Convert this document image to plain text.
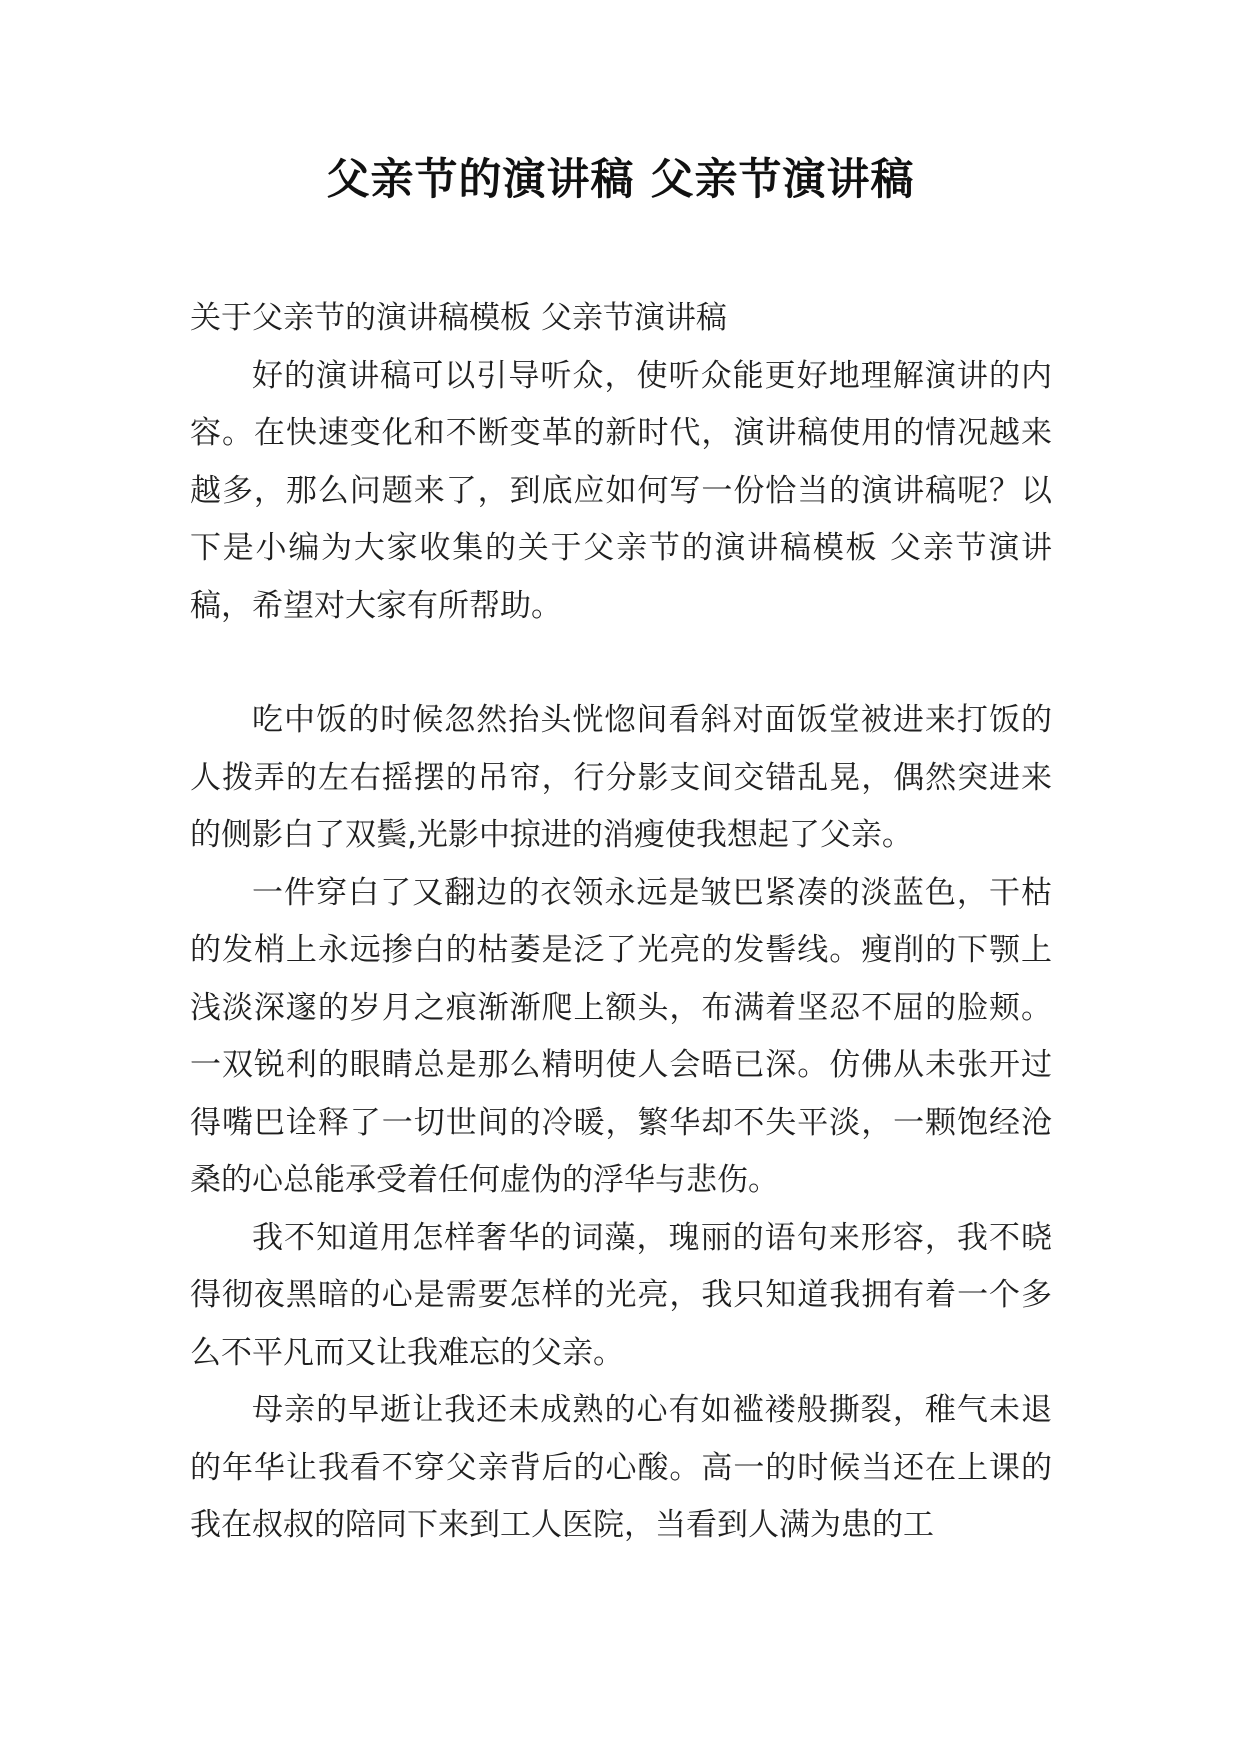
父亲节的演讲稿 父亲节演讲稿

关于父亲节的演讲稿模板 父亲节演讲稿

好的演讲稿可以引导听众，使听众能更好地理解演讲的内容。在快速变化和不断变革的新时代，演讲稿使用的情况越来越多，那么问题来了，到底应如何写一份恰当的演讲稿呢？以下是小编为大家收集的关于父亲节的演讲稿模板 父亲节演讲稿，希望对大家有所帮助。

吃中饭的时候忽然抬头恍惚间看斜对面饭堂被进来打饭的人拨弄的左右摇摆的吊帘，行分影支间交错乱晃，偶然突进来的侧影白了双鬓,光影中掠进的消瘦使我想起了父亲。

一件穿白了又翻边的衣领永远是皱巴紧凑的淡蓝色，干枯的发梢上永远掺白的枯萎是泛了光亮的发髻线。瘦削的下颚上浅淡深邃的岁月之痕渐渐爬上额头，布满着坚忍不屈的脸颊。一双锐利的眼睛总是那么精明使人会晤已深。仿佛从未张开过得嘴巴诠释了一切世间的冷暖，繁华却不失平淡，一颗饱经沧桑的心总能承受着任何虚伪的浮华与悲伤。

我不知道用怎样奢华的词藻，瑰丽的语句来形容，我不晓得彻夜黑暗的心是需要怎样的光亮，我只知道我拥有着一个多么不平凡而又让我难忘的父亲。

母亲的早逝让我还未成熟的心有如褴褛般撕裂，稚气未退的年华让我看不穿父亲背后的心酸。高一的时候当还在上课的我在叔叔的陪同下来到工人医院，当看到人满为患的工
